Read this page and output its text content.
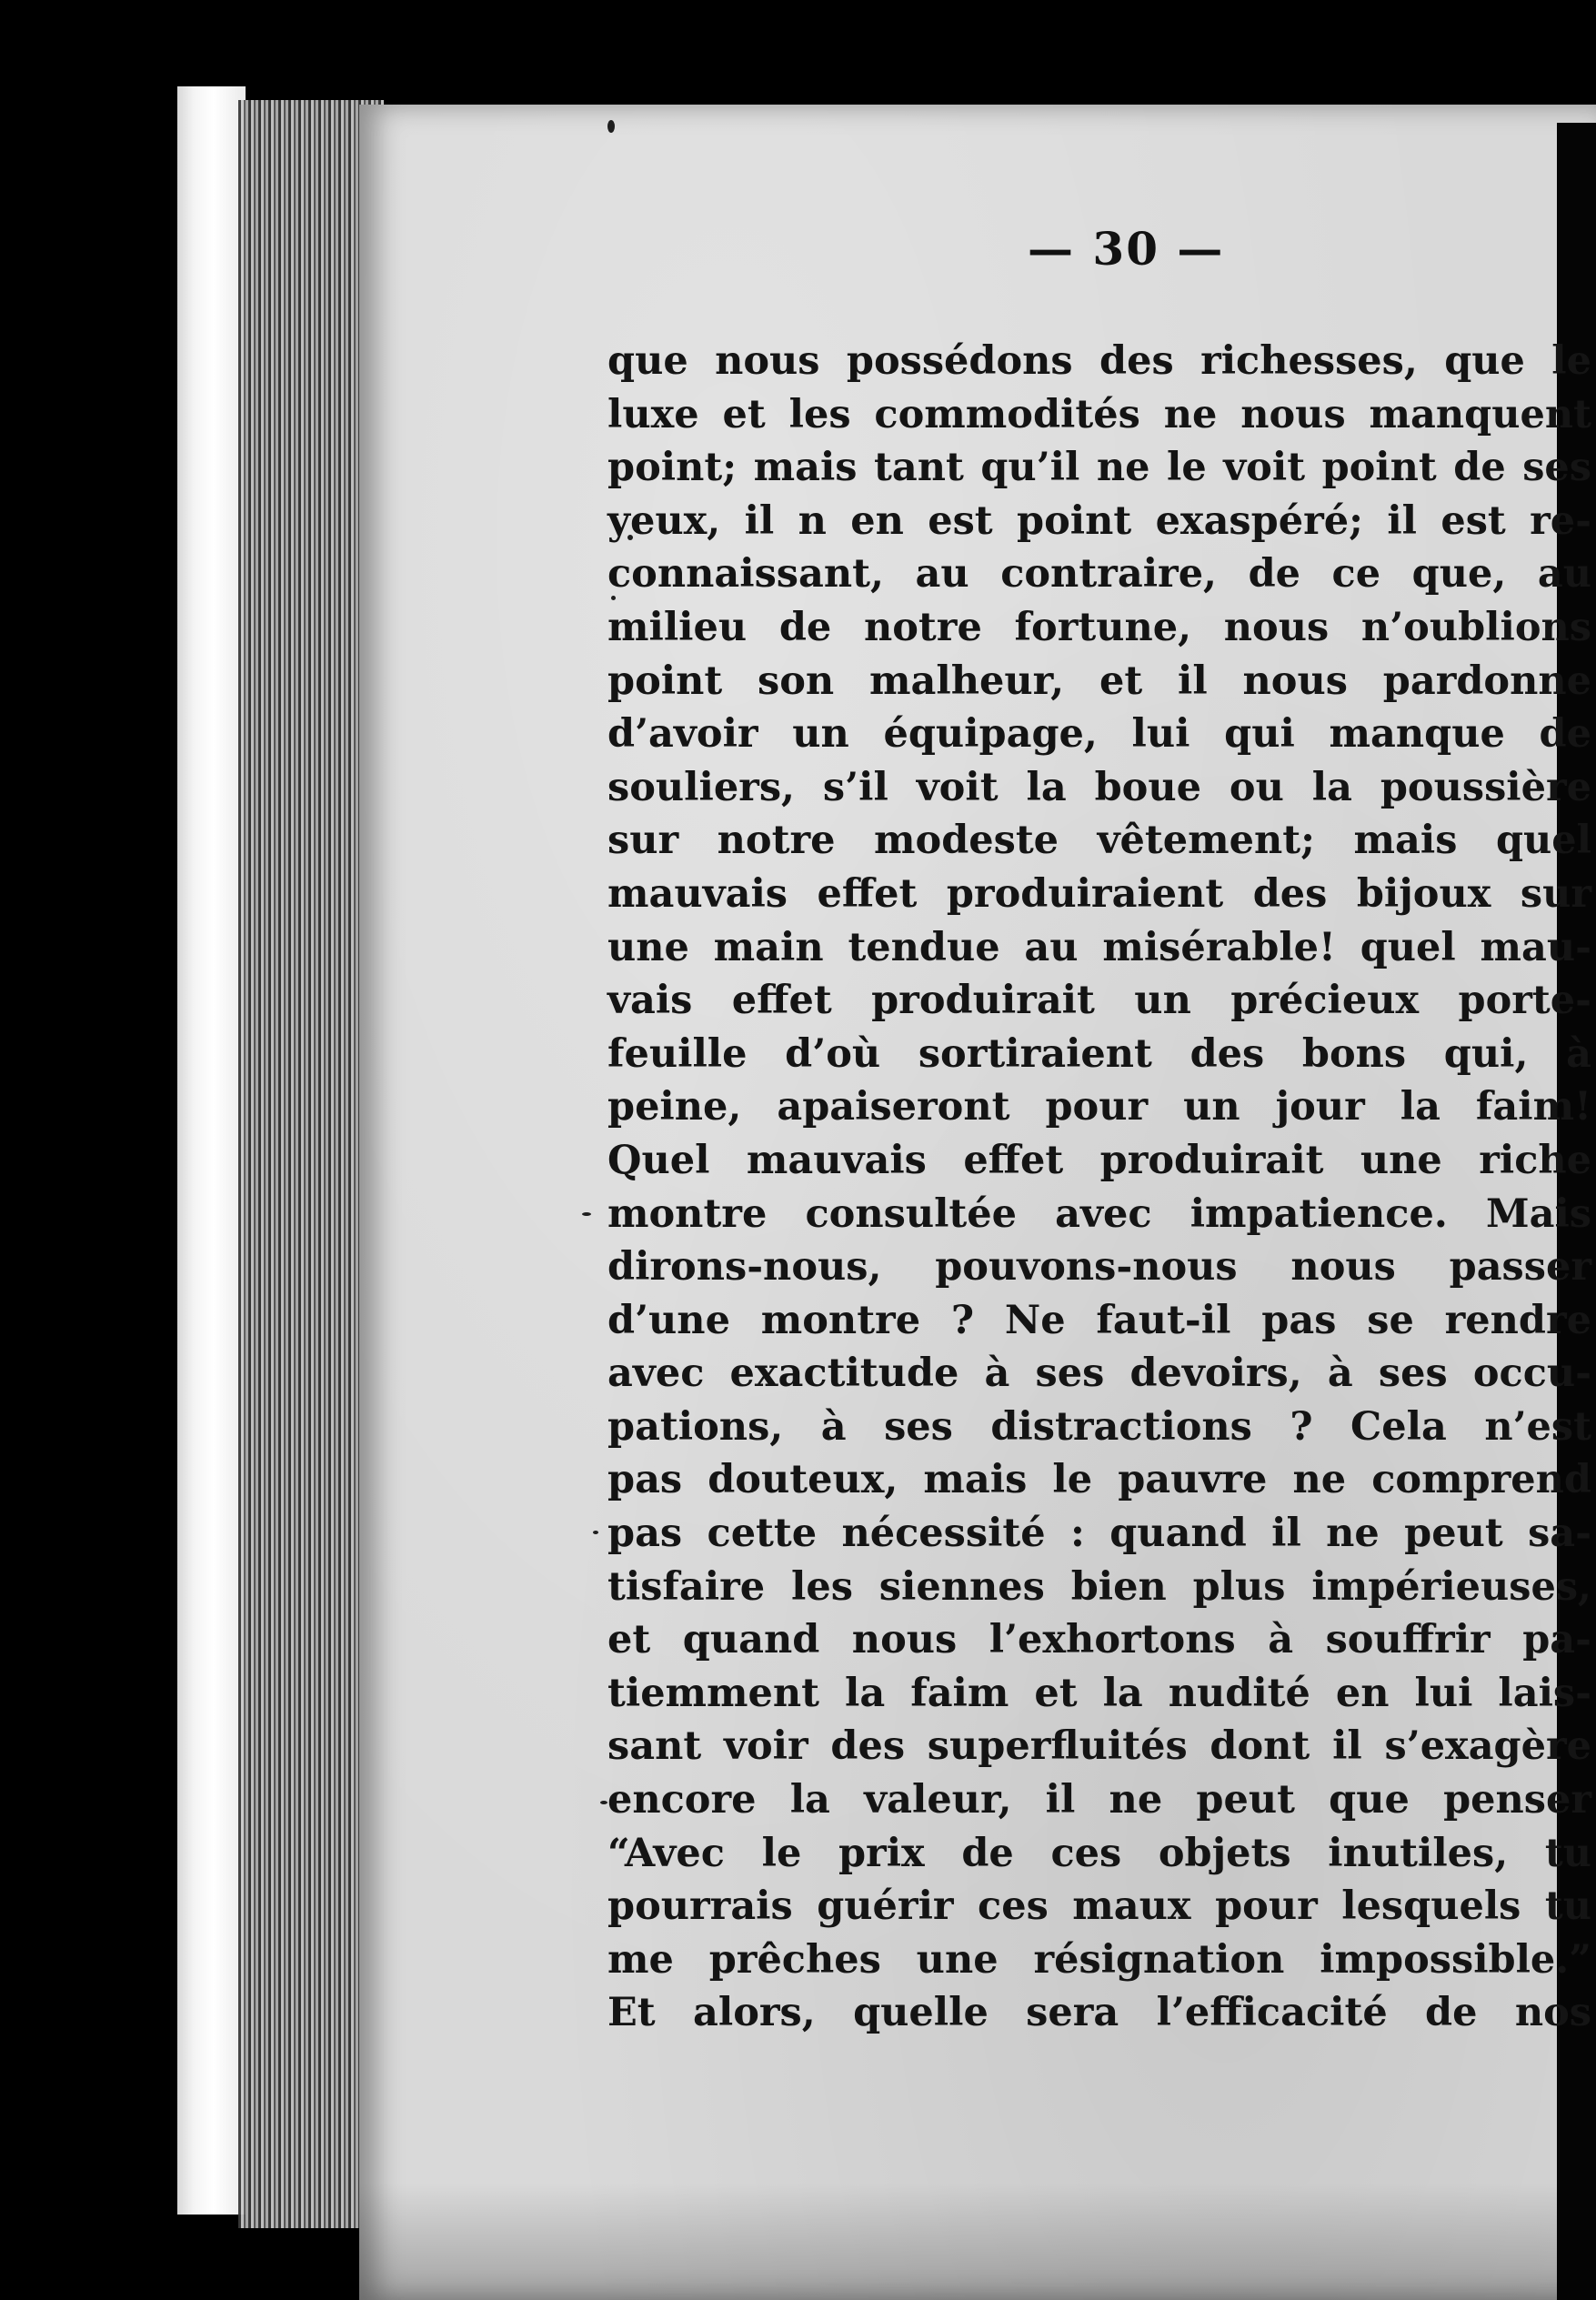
— 30 —
que nous possédons des richesses, que le
luxe et les commodités ne nous manquent
point; mais tant qu’il ne le voit point de ses
yeux, il n en est point exaspéré; il est re-
connaissant, au contraire, de ce que, au
milieu de notre fortune, nous n’oublions
point son malheur, et il nous pardonne
d’avoir un équipage, lui qui manque de
souliers, s’il voit la boue ou la poussière
sur notre modeste vêtement; mais quel
mauvais effet produiraient des bijoux sur
une main tendue au misérable! quel mau-
vais effet produirait un précieux porte-
feuille d’où sortiraient des bons qui, à
peine, apaiseront pour un jour la faim!
Quel mauvais effet produirait une riche
montre consultée avec impatience. Mais
dirons-nous, pouvons-nous nous passer
d’une montre ? Ne faut-il pas se rendre
avec exactitude à ses devoirs, à ses occu-
pations, à ses distractions ? Cela n’est
pas douteux, mais le pauvre ne comprend
pas cette nécessité : quand il ne peut sa-
tisfaire les siennes bien plus impérieuses,
et quand nous l’exhortons à souffrir pa-
tiemment la faim et la nudité en lui lais-
sant voir des superfluités dont il s’exagère
encore la valeur, il ne peut que penser
“Avec le prix de ces objets inutiles, tu
pourrais guérir ces maux pour lesquels tu
me prêches une résignation impossible.”
Et alors, quelle sera l’efficacité de nos
